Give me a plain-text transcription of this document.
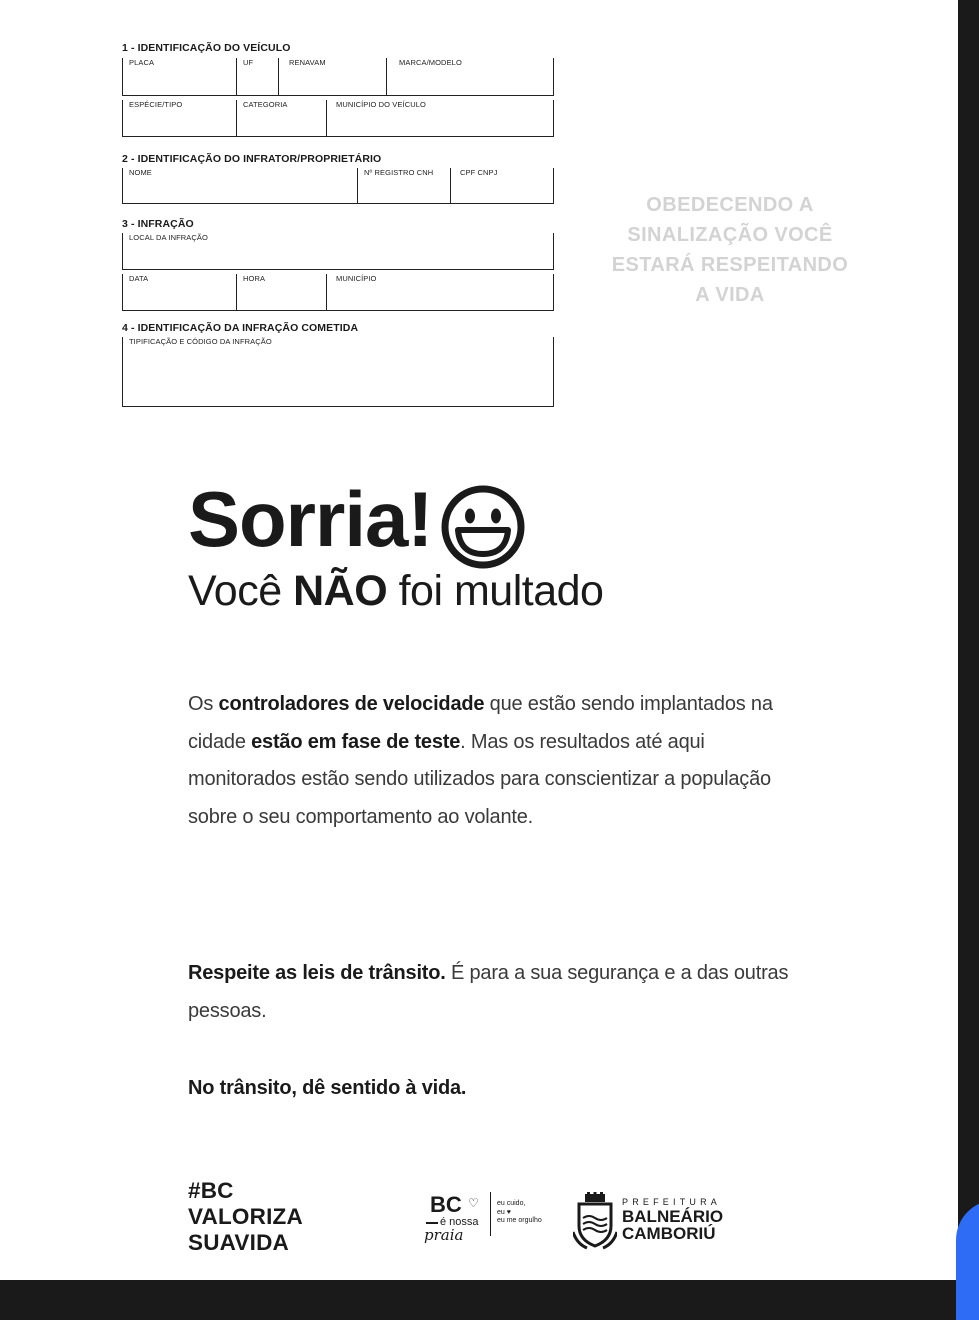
1 - IDENTIFICAÇÃO DO VEÍCULO
PLACA	UF	RENAVAM	MARCA/MODELO
ESPÉCIE/TIPO	CATEGORIA	MUNICÍPIO DO VEÍCULO
2 - IDENTIFICAÇÃO DO INFRATOR/PROPRIETÁRIO
NOME	Nº REGISTRO CNH	CPF CNPJ
3 - INFRAÇÃO
LOCAL DA INFRAÇÃO
DATA	HORA	MUNICÍPIO
4 - IDENTIFICAÇÃO DA INFRAÇÃO COMETIDA
TIPIFICAÇÃO E CÓDIGO DA INFRAÇÃO
OBEDECENDO A
SINALIZAÇÃO VOCÊ
ESTARÁ RESPEITANDO
A VIDA
Sorria!
Você NÃO foi multado
Os controladores de velocidade que estão sendo implantados na cidade estão em fase de teste. Mas os resultados até aqui monitorados estão sendo utilizados para conscientizar a população sobre o seu comportamento ao volante.
Respeite as leis de trânsito. É para a sua segurança e a das outras pessoas.
No trânsito, dê sentido à vida.
#BC
VALORIZA
SUAVIDA
BC ♡
é nossa
praia
eu cuido,
eu ♥
eu me orgulho
PREFEITURA
BALNEÁRIO
CAMBORIÚ
